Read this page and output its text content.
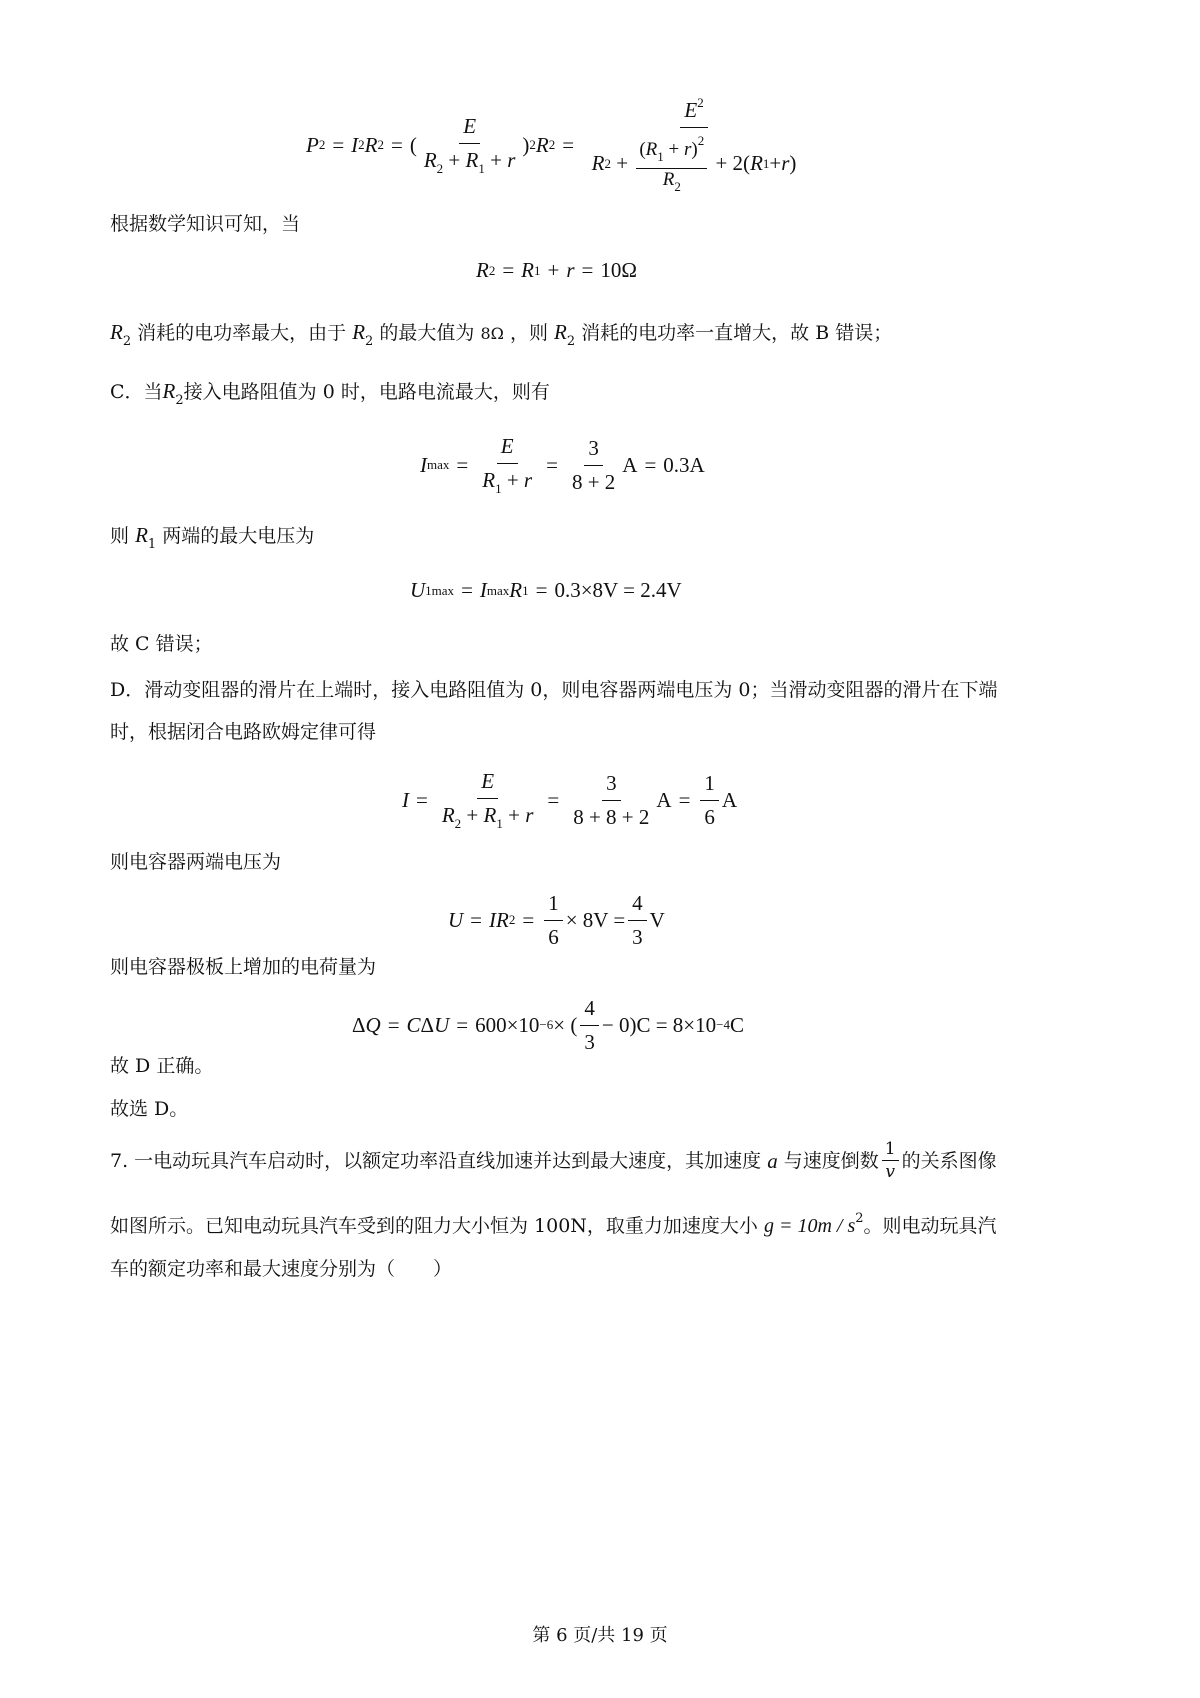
P 2 = I 2 R 2 = ( $\frac{E}{R_2 + R_1 + r}$ ) 2 R $2 = \frac{E^2}{R 2 + \frac{(R_1 + r)^2}{R_2} + 2( R 1 + r )}$
根据数学知识可知，当
R 2 = R 1 + r = 10Ω
$R_2$ 消耗的电功率最大，由于 $R_2$ 的最大值为 8Ω ，则 $R_2$ 消耗的电功率一直增大，故 B 错误；
C．当$R_2$接入电路阻值为 0 时，电路电流最大，则有
I $\max = \frac{E}{R_1 + r} = \frac{3}{8 + 2}$ A = 0.3A
则 $R_1$ 两端的最大电压为
U 1max = I max R 1 = 0.3×8V = 2.4V
故 C 错误；
D．滑动变阻器的滑片在上端时，接入电路阻值为 0，则电容器两端电压为 0；当滑动变阻器的滑片在下端
时，根据闭合电路欧姆定律可得
$I = \frac{E}{R_2 + R_1 + r} = \frac{3}{8 + 8 + 2}$ $A = \frac{1}{6}$ A
则电容器两端电压为
U = IR $2 = \frac{1}{6} \times 8V = \frac{4}{3}$ V
则电容器极板上增加的电荷量为
Δ Q = C Δ U = 600×10 −6 × ( $\frac{4}{3} - 0)C = 8\times 10 -4$ C
故 D 正确。
故选 D。
7. 一电动玩具汽车启动时，以额定功率沿直线加速并达到最大速度，其加速度
a
与速度倒数 $\frac{1}{v}$ 的关系图像
如图所示。已知电动玩具汽车受到的阻力大小恒为 100N，取重力加速度大小 $g = 10m / s^2$。则电动玩具汽
车的额定功率和最大速度分别为（　　）
第 6 页/共 19 页
